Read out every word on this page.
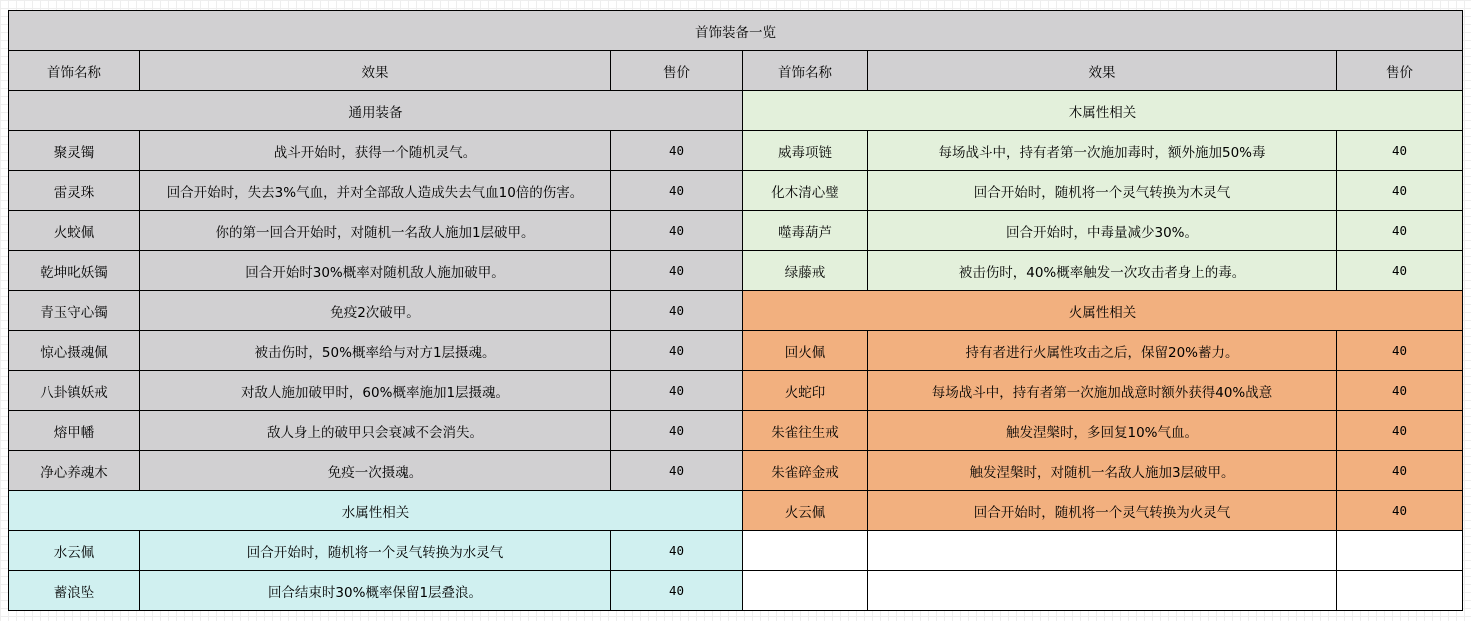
首饰装备一览					
首饰名称	效果	售价	首饰名称	效果	售价
通用装备			木属性相关		
聚灵镯	战斗开始时，获得一个随机灵气。	40	威毒项链	每场战斗中，持有者第一次施加毒时，额外施加50%毒	40
雷灵珠	回合开始时，失去3%气血，并对全部敌人造成失去气血10倍的伤害。	40	化木清心璧	回合开始时，随机将一个灵气转换为木灵气	40
火蛟佩	你的第一回合开始时，对随机一名敌人施加1层破甲。	40	噬毒葫芦	回合开始时，中毒量减少30%。	40
乾坤叱妖镯	回合开始时30%概率对随机敌人施加破甲。	40	绿藤戒	被击伤时，40%概率触发一次攻击者身上的毒。	40
青玉守心镯	免疫2次破甲。	40	火属性相关		
惊心摄魂佩	被击伤时，50%概率给与对方1层摄魂。	40	回火佩	持有者进行火属性攻击之后，保留20%蓄力。	40
八卦镇妖戒	对敌人施加破甲时，60%概率施加1层摄魂。	40	火蛇印	每场战斗中，持有者第一次施加战意时额外获得40%战意	40
熔甲幡	敌人身上的破甲只会衰减不会消失。	40	朱雀往生戒	触发涅槃时，多回复10%气血。	40
净心养魂木	免疫一次摄魂。	40	朱雀碎金戒	触发涅槃时，对随机一名敌人施加3层破甲。	40
水属性相关			火云佩	回合开始时，随机将一个灵气转换为火灵气	40
水云佩	回合开始时，随机将一个灵气转换为水灵气	40			
蓄浪坠	回合结束时30%概率保留1层叠浪。	40			
